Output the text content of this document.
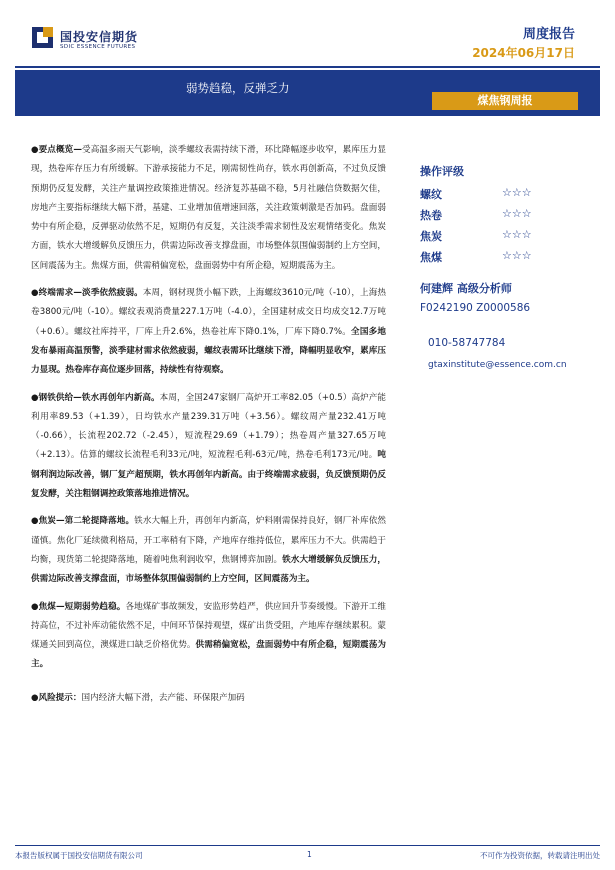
国投安信期货
SDIC ESSENCE FUTURES
周度报告
2024年06月17日
弱势趋稳，反弹乏力
煤焦钢周报

●要点概览—受高温多雨天气影响，淡季螺纹表需持续下滑，环比降幅逐步收窄，累库压力显现，热卷库存压力有所缓解。下游承接能力不足，刚需韧性尚存，铁水再创新高，不过负反馈预期仍反复发酵，关注产量调控政策推进情况。经济复苏基础不稳，5月社融信贷数据欠佳，房地产主要指标继续大幅下滑，基建、工业增加值增速回落，关注政策刺激是否加码。盘面弱势中有所企稳，反弹驱动依然不足，短期仍有反复，关注淡季需求韧性及宏观情绪变化。焦炭方面，铁水大增缓解负反馈压力，供需边际改善支撑盘面，市场整体氛围偏弱制约上方空间，区间震荡为主。焦煤方面，供需稍偏宽松，盘面弱势中有所企稳，短期震荡为主。

●终端需求—淡季依然疲弱。本周，钢材现货小幅下跌，上海螺纹3610元/吨（-10），上海热卷3800元/吨（-10）。螺纹表观消费量227.1万吨（-4.0），全国建材成交日均成交12.7万吨（+0.6）。螺纹社库持平，厂库上升2.6%，热卷社库下降0.1%，厂库下降0.7%。全国多地发布暴雨高温预警，淡季建材需求依然疲弱，螺纹表需环比继续下滑，降幅明显收窄，累库压力显现。热卷库存高位逐步回落，持续性有待观察。

●钢铁供给—铁水再创年内新高。本周，全国247家钢厂高炉开工率82.05（+0.5）高炉产能利用率89.53（+1.39），日均铁水产量239.31万吨（+3.56）。螺纹周产量232.41万吨（-0.66），长流程202.72（-2.45），短流程29.69（+1.79）；热卷周产量327.65万吨（+2.13）。估算的螺纹长流程毛利33元/吨，短流程毛利-63元/吨，热卷毛利173元/吨。吨钢利润边际改善，钢厂复产超预期，铁水再创年内新高。由于终端需求疲弱，负反馈预期仍反复发酵，关注粗钢调控政策落地推进情况。

●焦炭—第二轮提降落地。铁水大幅上升，再创年内新高，炉料刚需保持良好，钢厂补库依然谨慎。焦化厂延续微利格局，开工率稍有下降，产地库存维持低位，累库压力不大。供需趋于均衡，现货第二轮提降落地，随着吨焦利润收窄，焦钢博弈加剧。铁水大增缓解负反馈压力，供需边际改善支撑盘面，市场整体氛围偏弱制约上方空间，区间震荡为主。

●焦煤—短期弱势趋稳。各地煤矿事故频发，安监形势趋严，供应回升节奏缓慢。下游开工维持高位，不过补库动能依然不足，中间环节保持观望，煤矿出货受阻，产地库存继续累积。蒙煤通关回到高位，澳煤进口缺乏价格优势。供需稍偏宽松，盘面弱势中有所企稳，短期震荡为主。

●风险提示：国内经济大幅下滑，去产能、环保限产加码

操作评级
螺纹	☆☆☆
热卷	☆☆☆
焦炭	☆☆☆
焦煤	☆☆☆
何建辉 高级分析师
F0242190 Z0000586
010-58747784
gtaxinstitute@essence.com.cn
本报告版权属于国投安信期货有限公司	1	不可作为投资依据，转载请注明出处
